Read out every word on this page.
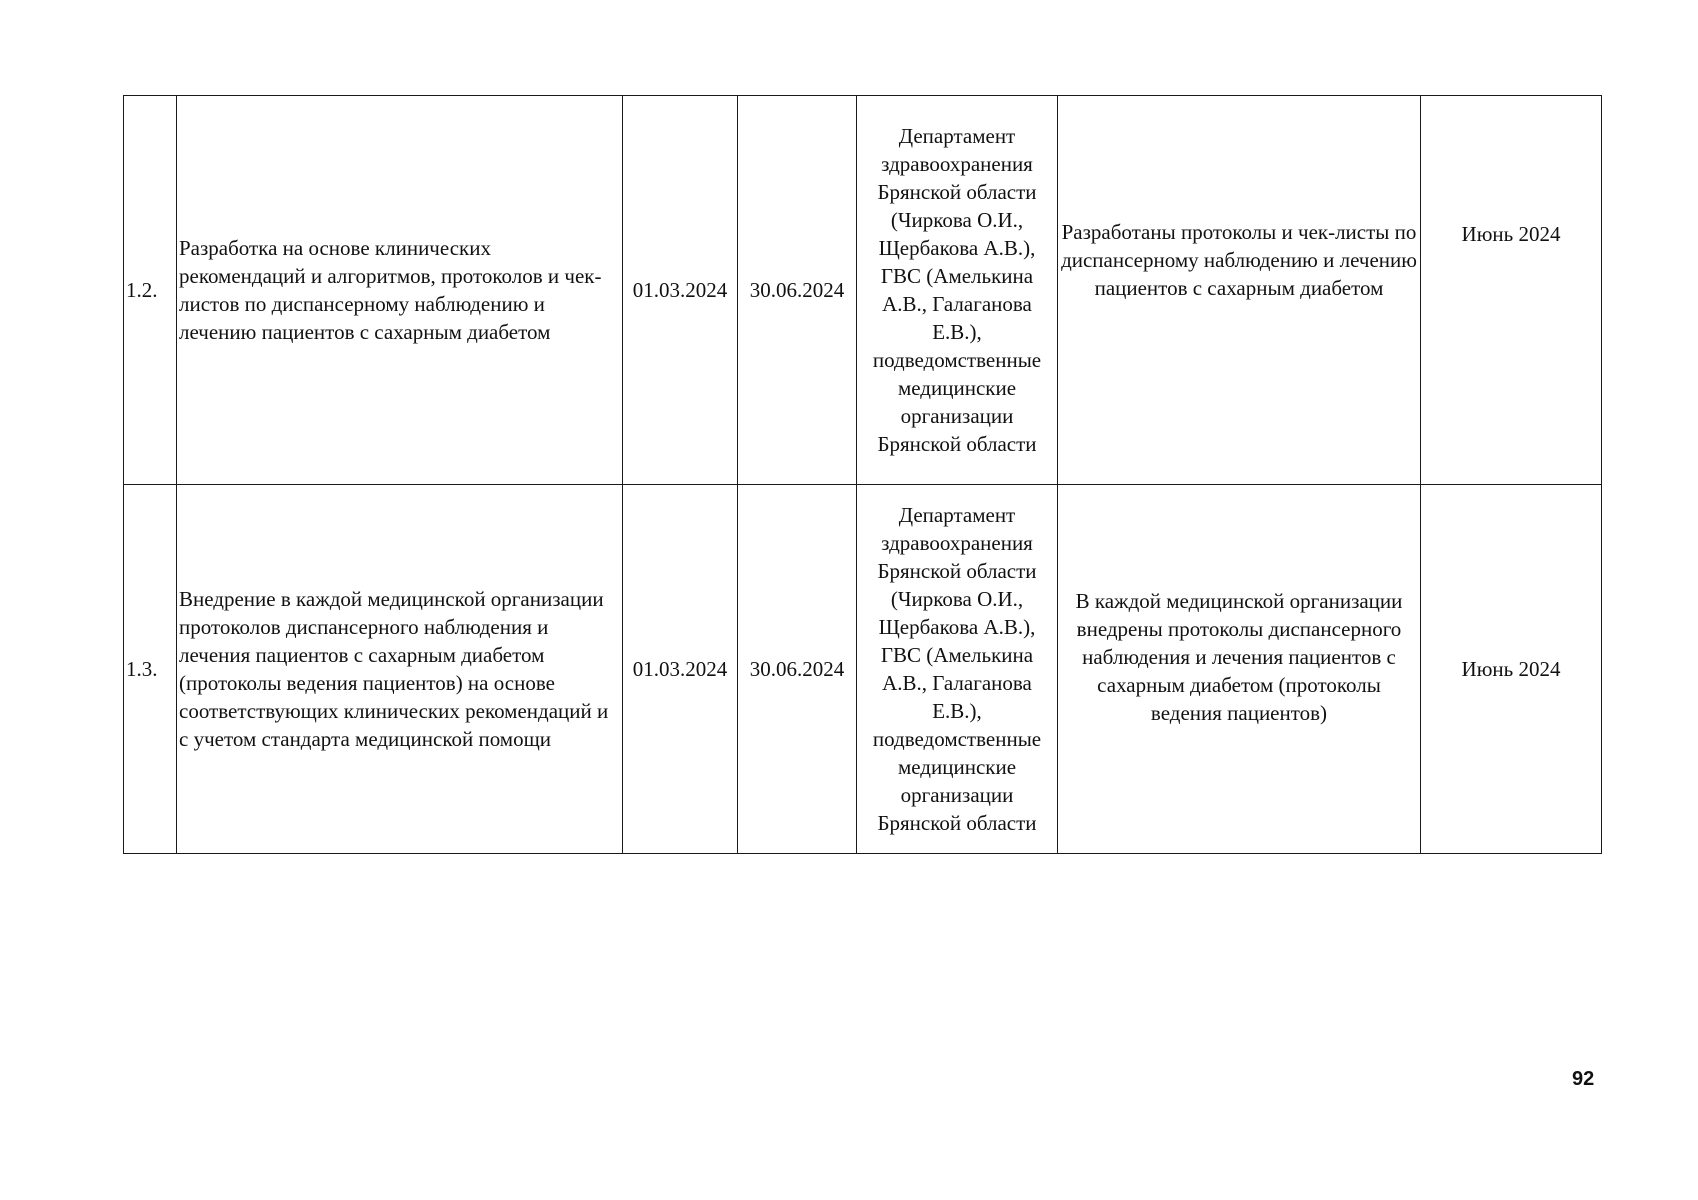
1.2.	Разработка на основе клинических рекомендаций и алгоритмов, протоколов и чек-листов по диспансерному наблюдению и лечению пациентов с сахарным диабетом	01.03.2024	30.06.2024	Департамент здравоохранения Брянской области (Чиркова О.И., Щербакова А.В.), ГВС (Амелькина А.В., Галаганова Е.В.), подведомственные медицинские организации Брянской области	Разработаны протоколы и чек-листы по диспансерному наблюдению и лечению пациентов с сахарным диабетом	Июнь 2024

1.3.	Внедрение в каждой медицинской организации протоколов диспансерного наблюдения и лечения пациентов с сахарным диабетом (протоколы ведения пациентов) на основе соответствующих клинических рекомендаций и с учетом стандарта медицинской помощи	01.03.2024	30.06.2024	Департамент здравоохранения Брянской области (Чиркова О.И., Щербакова А.В.), ГВС (Амелькина А.В., Галаганова Е.В.), подведомственные медицинские организации Брянской области	В каждой медицинской организации внедрены протоколы диспансерного наблюдения и лечения пациентов с сахарным диабетом (протоколы ведения пациентов)	Июнь 2024
92
